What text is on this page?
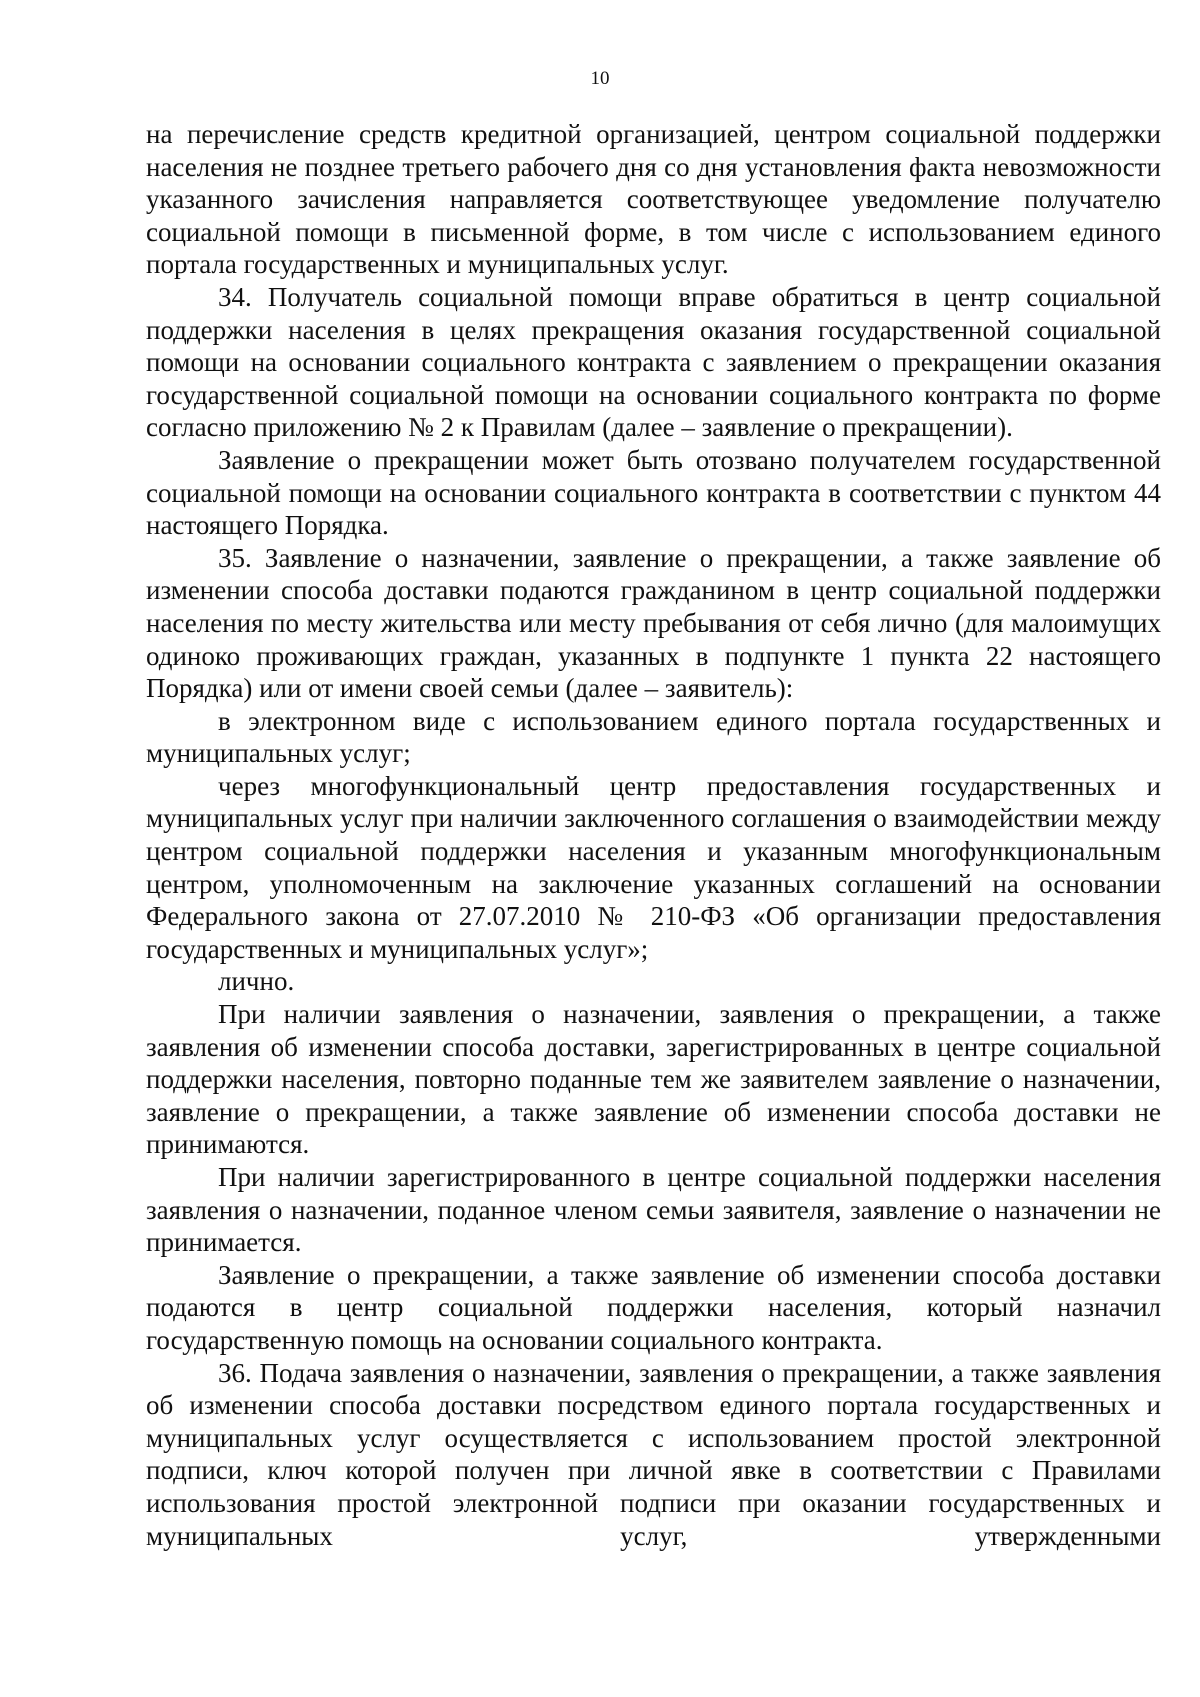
10

на перечисление средств кредитной организацией, центром социальной поддержки населения не позднее третьего рабочего дня со дня установления факта невозможности указанного зачисления направляется соответствующее уведомление получателю социальной помощи в письменной форме, в том числе с использованием единого портала государственных и муниципальных услуг.

34. Получатель социальной помощи вправе обратиться в центр социальной поддержки населения в целях прекращения оказания государственной социальной помощи на основании социального контракта с заявлением о прекращении оказания государственной социальной помощи на основании социального контракта по форме согласно приложению № 2 к Правилам (далее – заявление о прекращении).

Заявление о прекращении может быть отозвано получателем государственной социальной помощи на основании социального контракта в соответствии с пунктом 44 настоящего Порядка.

35. Заявление о назначении, заявление о прекращении, а также заявление об изменении способа доставки подаются гражданином в центр социальной поддержки населения по месту жительства или месту пребывания от себя лично (для малоимущих одиноко проживающих граждан, указанных в подпункте 1 пункта 22 настоящего Порядка) или от имени своей семьи (далее – заявитель):

в электронном виде с использованием единого портала государственных и муниципальных услуг;

через многофункциональный центр предоставления государственных и муниципальных услуг при наличии заключенного соглашения о взаимодействии между центром социальной поддержки населения и указанным многофункциональным центром, уполномоченным на заключение указанных соглашений на основании Федерального закона от 27.07.2010 № 210-ФЗ «Об организации предоставления государственных и муниципальных услуг»;

лично.

При наличии заявления о назначении, заявления о прекращении, а также заявления об изменении способа доставки, зарегистрированных в центре социальной поддержки населения, повторно поданные тем же заявителем заявление о назначении, заявление о прекращении, а также заявление об изменении способа доставки не принимаются.

При наличии зарегистрированного в центре социальной поддержки населения заявления о назначении, поданное членом семьи заявителя, заявление о назначении не принимается.

Заявление о прекращении, а также заявление об изменении способа доставки подаются в центр социальной поддержки населения, который назначил государственную помощь на основании социального контракта.

36. Подача заявления о назначении, заявления о прекращении, а также заявления об изменении способа доставки посредством единого портала государственных и муниципальных услуг осуществляется с использованием простой электронной подписи, ключ которой получен при личной явке в соответствии с Правилами использования простой электронной подписи при оказании государственных и муниципальных услуг, утвержденными
